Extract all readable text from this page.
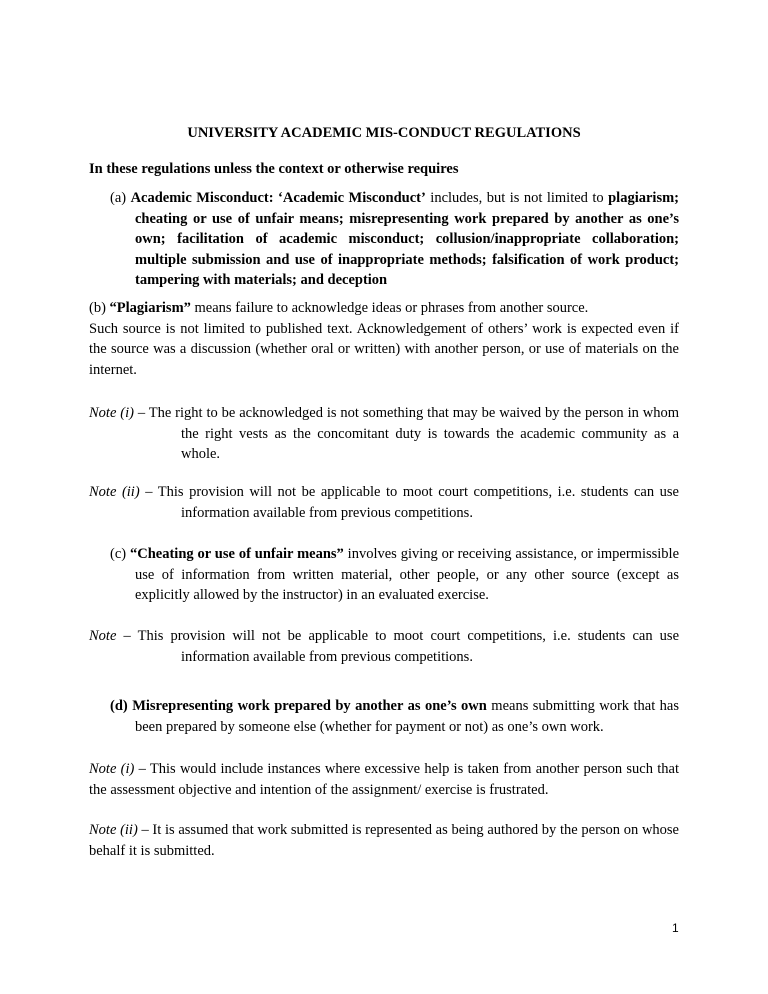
UNIVERSITY ACADEMIC MIS-CONDUCT REGULATIONS
In these regulations unless the context or otherwise requires

(a) Academic Misconduct: ‘Academic Misconduct’ includes, but is not limited to plagiarism; cheating or use of unfair means; misrepresenting work prepared by another as one’s own; facilitation of academic misconduct; collusion/inappropriate collaboration; multiple submission and use of inappropriate methods; falsification of work product; tampering with materials; and deception

(b) “Plagiarism” means failure to acknowledge ideas or phrases from another source.

Such source is not limited to published text. Acknowledgement of others’ work is expected even if the source was a discussion (whether oral or written) with another person, or use of materials on the internet.

Note (i) – The right to be acknowledged is not something that may be waived by the person in whom the right vests as the concomitant duty is towards the academic community as a whole.

Note (ii) – This provision will not be applicable to moot court competitions, i.e. students can use information available from previous competitions.

(c) “Cheating or use of unfair means” involves giving or receiving assistance, or impermissible use of information from written material, other people, or any other source (except as explicitly allowed by the instructor) in an evaluated exercise.

Note – This provision will not be applicable to moot court competitions, i.e. students can use information available from previous competitions.

(d) Misrepresenting work prepared by another as one’s own means submitting work that has been prepared by someone else (whether for payment or not) as one’s own work.

Note (i) – This would include instances where excessive help is taken from another person such that the assessment objective and intention of the assignment/ exercise is frustrated.

Note (ii) – It is assumed that work submitted is represented as being authored by the person on whose behalf it is submitted.

1
